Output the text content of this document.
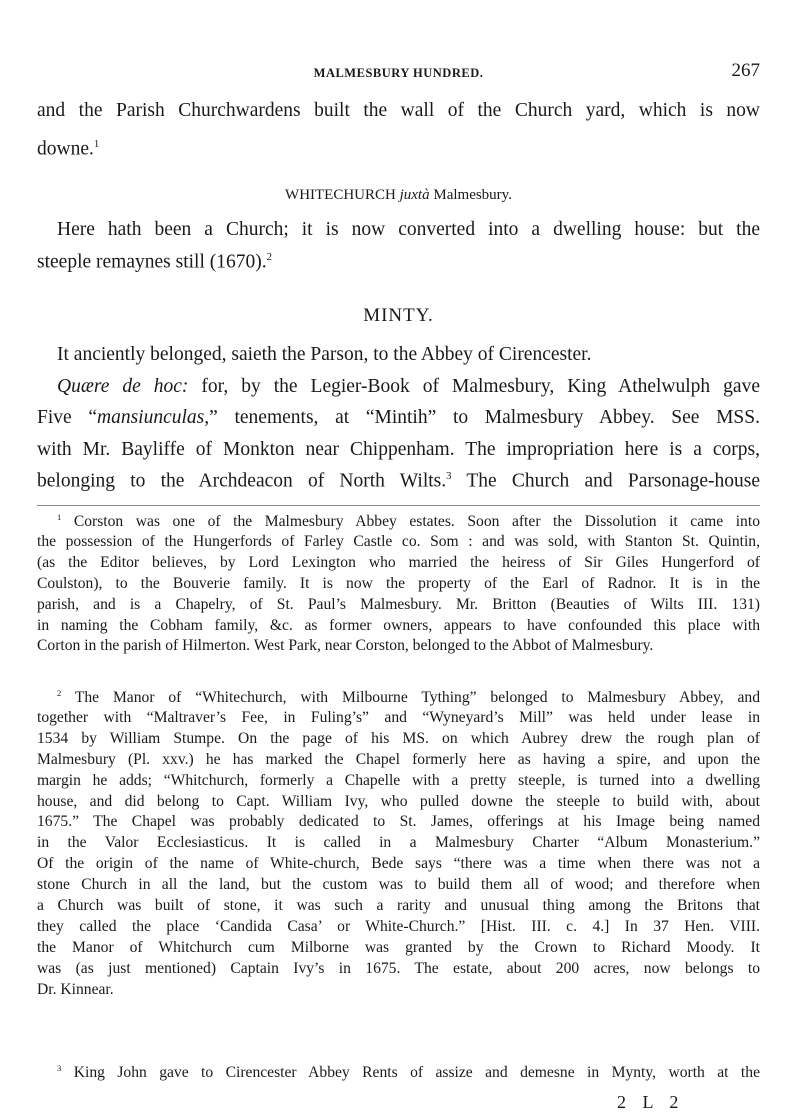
MALMESBURY HUNDRED.	267
and the Parish Churchwardens built the wall of the Church yard, which is now
downe.$^1$
WHITECHURCH juxtà Malmesbury.
Here hath been a Church; it is now converted into a dwelling house: but the
steeple remaynes still (1670).$^2$
MINTY.
It anciently belonged, saieth the Parson, to the Abbey of Cirencester.
Quære de hoc: for, by the Legier-Book of Malmesbury, King Athelwulph gave
Five “mansiunculas,” tenements, at “Mintih” to Malmesbury Abbey. See MSS.
with Mr. Bayliffe of Monkton near Chippenham. The impropriation here is a corps,
belonging to the Archdeacon of North Wilts.$^3$ The Church and Parsonage-house
$^1$ Corston was one of the Malmesbury Abbey estates. Soon after the Dissolution it came into
the possession of the Hungerfords of Farley Castle co. Som : and was sold, with Stanton St. Quintin,
(as the Editor believes, by Lord Lexington who married the heiress of Sir Giles Hungerford of
Coulston), to the Bouverie family. It is now the property of the Earl of Radnor. It is in the
parish, and is a Chapelry, of St. Paul’s Malmesbury. Mr. Britton (Beauties of Wilts III. 131)
in naming the Cobham family, &c. as former owners, appears to have confounded this place with
Corton in the parish of Hilmerton. West Park, near Corston, belonged to the Abbot of Malmesbury.
$^2$ The Manor of “Whitechurch, with Milbourne Tything” belonged to Malmesbury Abbey, and
together with “Maltraver’s Fee, in Fuling’s” and “Wyneyard’s Mill” was held under lease in
1534 by William Stumpe. On the page of his MS. on which Aubrey drew the rough plan of
Malmesbury (Pl. xxv.) he has marked the Chapel formerly here as having a spire, and upon the
margin he adds; “Whitchurch, formerly a Chapelle with a pretty steeple, is turned into a dwelling
house, and did belong to Capt. William Ivy, who pulled downe the steeple to build with, about
1675.” The Chapel was probably dedicated to St. James, offerings at his Image being named
in the Valor Ecclesiasticus. It is called in a Malmesbury Charter “Album Monasterium.”
Of the origin of the name of White-church, Bede says “there was a time when there was not a
stone Church in all the land, but the custom was to build them all of wood; and therefore when
a Church was built of stone, it was such a rarity and unusual thing among the Britons that
they called the place ‘Candida Casa’ or White-Church.” [Hist. III. c. 4.] In 37 Hen. VIII.
the Manor of Whitchurch cum Milborne was granted by the Crown to Richard Moody. It
was (as just mentioned) Captain Ivy’s in 1675. The estate, about 200 acres, now belongs to
Dr. Kinnear.
$^3$ King John gave to Cirencester Abbey Rents of assize and demesne in Mynty, worth at the
2 L 2
